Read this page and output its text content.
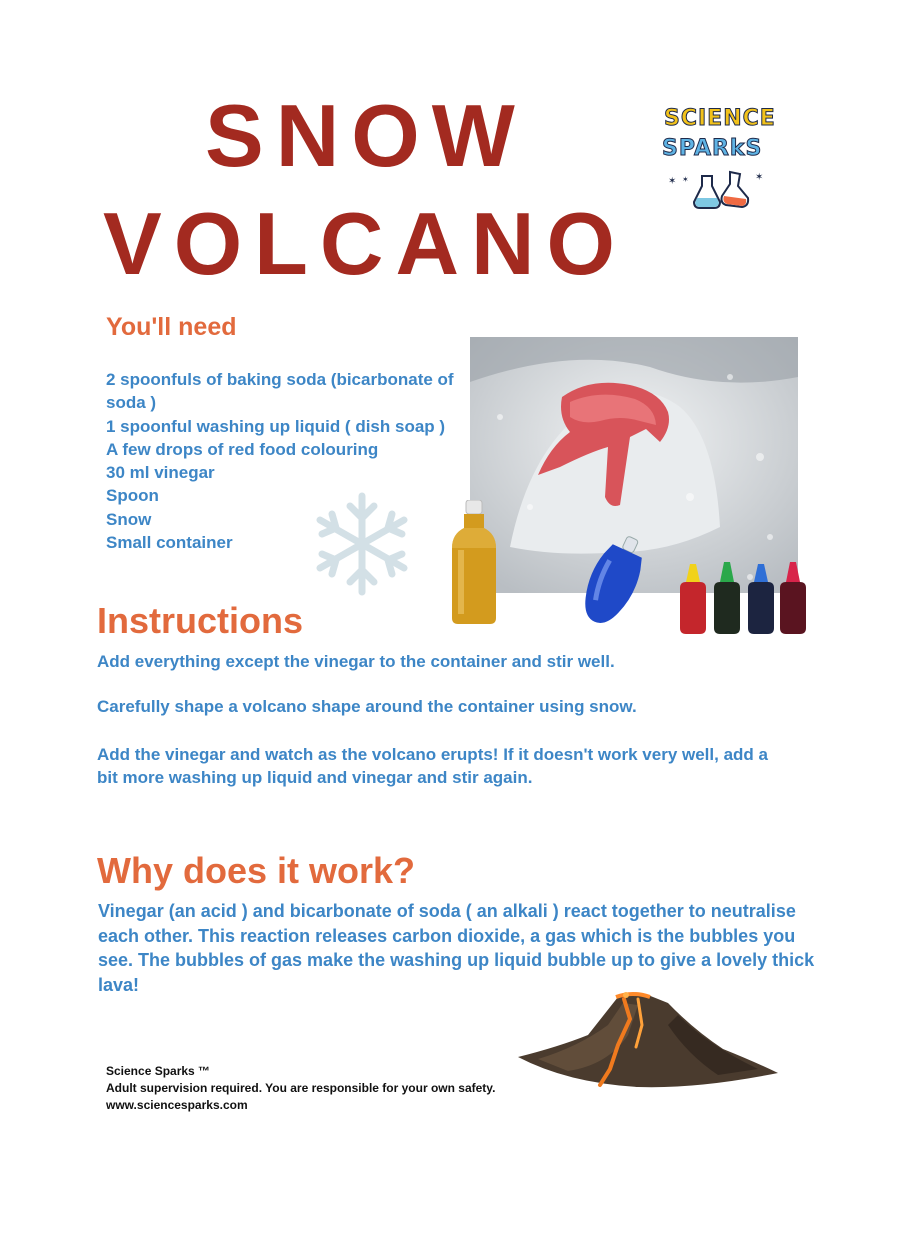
SNOW
VOLCANO
SCIENCE
SPARkS
✶ ✶	✶
You'll need
2 spoonfuls of baking soda (bicarbonate of soda )
1 spoonful washing up liquid ( dish soap )
A few drops of red food colouring
30 ml vinegar
Spoon
Snow
Small container
Instructions
Add everything except the vinegar to the container and stir well.
Carefully shape a volcano shape around the container using snow.
Add the vinegar and watch as the volcano erupts! If it doesn't work very well, add a bit more washing up liquid and vinegar and stir again.
Why does it work?
Vinegar (an acid ) and bicarbonate of soda ( an alkali ) react together to neutralise each other. This reaction releases carbon dioxide, a gas which is the bubbles you see. The bubbles of gas make the washing up liquid bubble up to give a lovely thick lava!
Science Sparks ™
Adult supervision required. You are responsible for your own safety.
www.sciencesparks.com
